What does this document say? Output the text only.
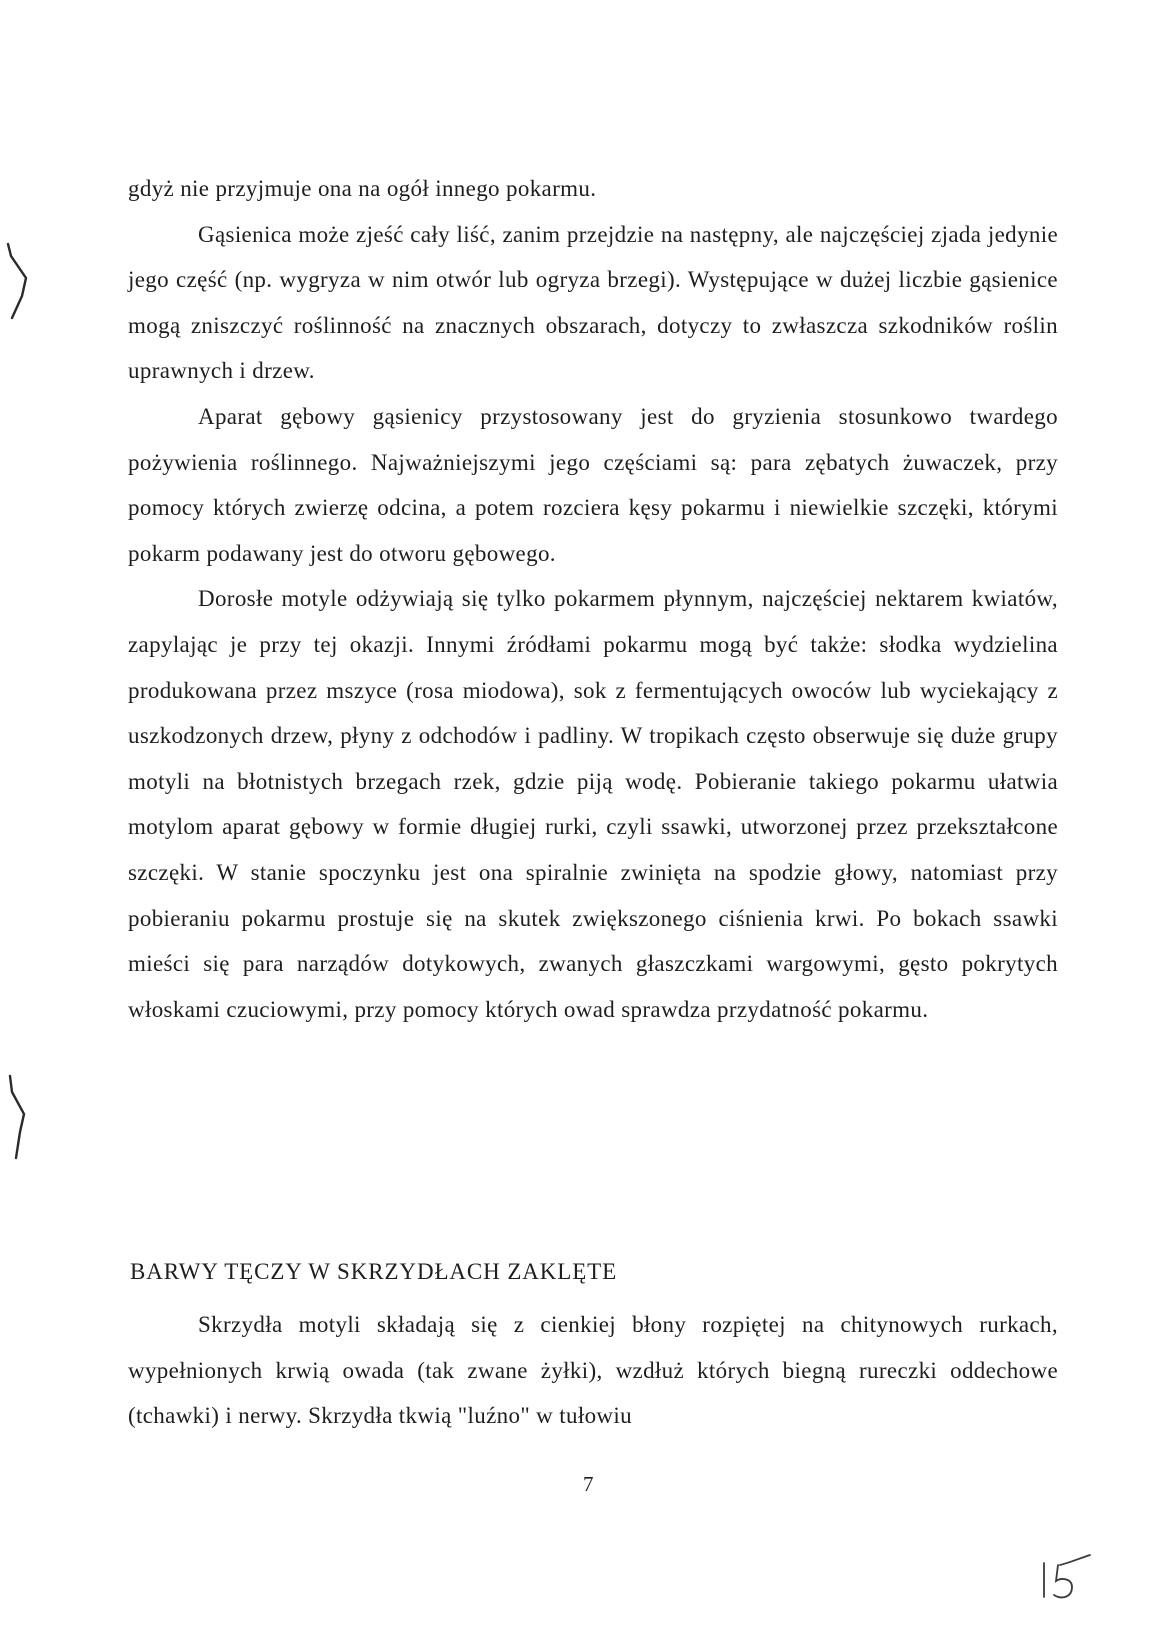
gdyż nie przyjmuje ona na ogół innego pokarmu.

Gąsienica może zjeść cały liść, zanim przejdzie na następny, ale najczęściej zjada jedynie jego część (np. wygryza w nim otwór lub ogryza brzegi). Występujące w dużej liczbie gąsienice mogą zniszczyć roślinność na znacznych obszarach, dotyczy to zwłaszcza szkodników roślin uprawnych i drzew.

Aparat gębowy gąsienicy przystosowany jest do gryzienia stosunkowo twardego pożywienia roślinnego. Najważniejszymi jego częściami są: para zębatych żuwaczek, przy pomocy których zwierzę odcina, a potem rozciera kęsy pokarmu i niewielkie szczęki, którymi pokarm podawany jest do otworu gębowego.

Dorosłe motyle odżywiają się tylko pokarmem płynnym, najczęściej nektarem kwiatów, zapylając je przy tej okazji. Innymi źródłami pokarmu mogą być także: słodka wydzielina produkowana przez mszyce (rosa miodowa), sok z fermentujących owoców lub wyciekający z uszkodzonych drzew, płyny z odchodów i padliny. W tropikach często obserwuje się duże grupy motyli na błotnistych brzegach rzek, gdzie piją wodę. Pobieranie takiego pokarmu ułatwia motylom aparat gębowy w formie długiej rurki, czyli ssawki, utworzonej przez przekształcone szczęki. W stanie spoczynku jest ona spiralnie zwinięta na spodzie głowy, natomiast przy pobieraniu pokarmu prostuje się na skutek zwiększonego ciśnienia krwi. Po bokach ssawki mieści się para narządów dotykowych, zwanych głaszczkami wargowymi, gęsto pokrytych włoskami czuciowymi, przy pomocy których owad sprawdza przydatność pokarmu.

BARWY TĘCZY W SKRZYDŁACH ZAKLĘTE

Skrzydła motyli składają się z cienkiej błony rozpiętej na chitynowych rurkach, wypełnionych krwią owada (tak zwane żyłki), wzdłuż których biegną rureczki oddechowe (tchawki) i nerwy. Skrzydła tkwią "luźno" w tułowiu

7
